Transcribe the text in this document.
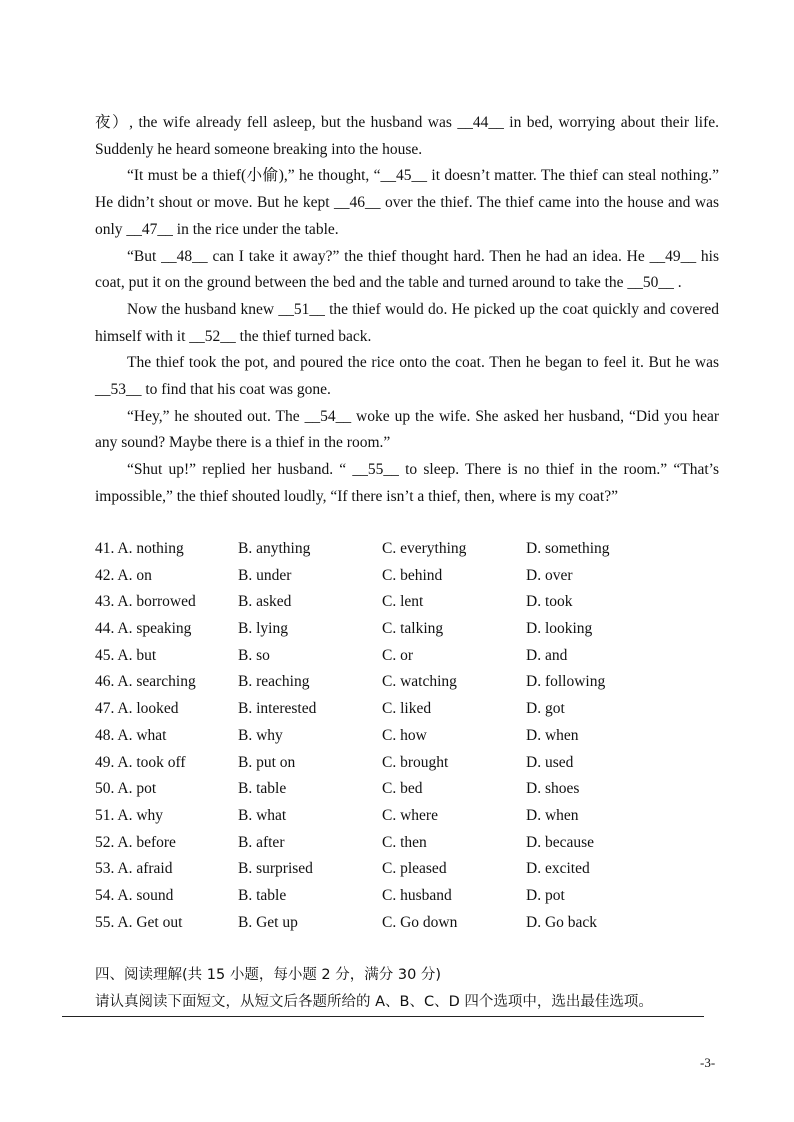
夜）, the wife already fell asleep, but the husband was __44__ in bed, worrying about their life. Suddenly he heard someone breaking into the house.

“It must be a thief(小偷),” he thought, “__45__ it doesn’t matter. The thief can steal nothing.” He didn’t shout or move. But he kept __46__ over the thief. The thief came into the house and was only __47__ in the rice under the table.

“But __48__ can I take it away?” the thief thought hard. Then he had an idea. He __49__ his coat, put it on the ground between the bed and the table and turned around to take the __50__ .

Now the husband knew __51__ the thief would do. He picked up the coat quickly and covered himself with it __52__ the thief turned back.

The thief took the pot, and poured the rice onto the coat. Then he began to feel it. But he was __53__ to find that his coat was gone.

“Hey,” he shouted out. The __54__ woke up the wife. She asked her husband, “Did you hear any sound? Maybe there is a thief in the room.”

“Shut up!” replied her husband. “ __55__ to sleep. There is no thief in the room.” “That’s impossible,” the thief shouted loudly, “If there isn’t a thief, then, where is my coat?”

41. A. nothing	B. anything	C. everything	D. something
42. A. on	B. under	C. behind	D. over
43. A. borrowed	B. asked	C. lent	D. took
44. A. speaking	B. lying	C. talking	D. looking
45. A. but	B. so	C. or	D. and
46. A. searching	B. reaching	C. watching	D. following
47. A. looked	B. interested	C. liked	D. got
48. A. what	B. why	C. how	D. when
49. A. took off	B. put on	C. brought	D. used
50. A. pot	B. table	C. bed	D. shoes
51. A. why	B. what	C. where	D. when
52. A. before	B. after	C. then	D. because
53. A. afraid	B. surprised	C. pleased	D. excited
54. A. sound	B. table	C. husband	D. pot
55. A. Get out	B. Get up	C. Go down	D. Go back
四、阅读理解(共 15 小题，每小题 2 分，满分 30 分)
请认真阅读下面短文，从短文后各题所给的 A、B、C、D 四个选项中，选出最佳选项。
-3-
